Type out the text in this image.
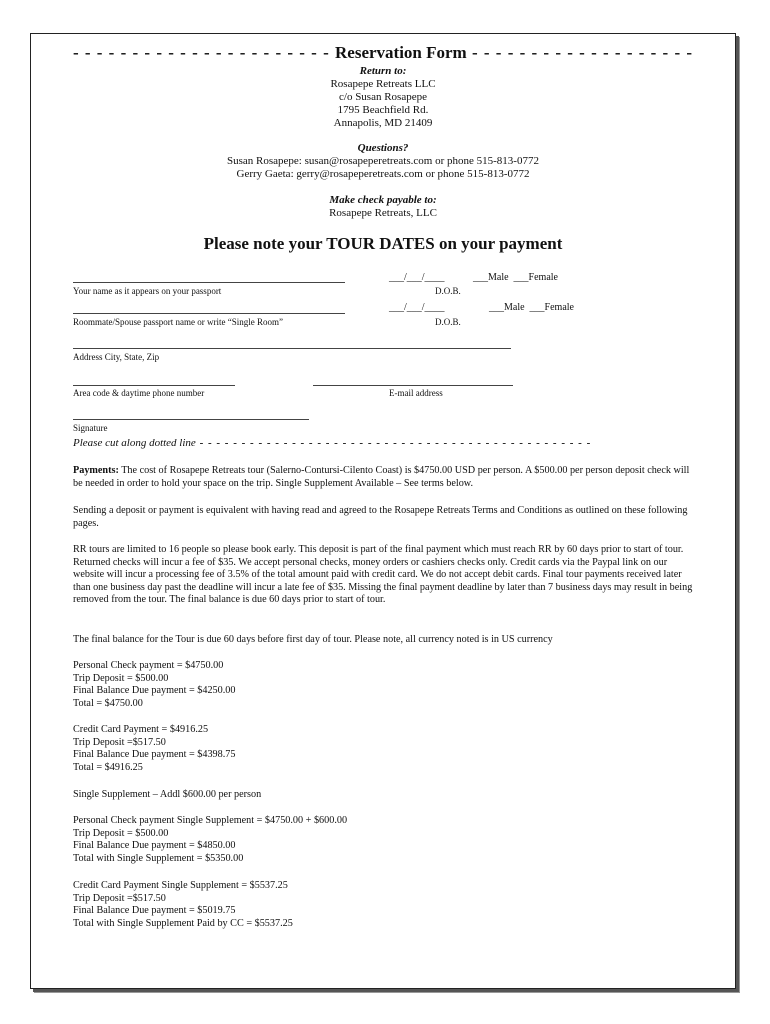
- - - - - - - - - - - - - - - - - - - - - - Reservation Form - - - - - - - - - - - - - - - - - - -
Return to:
Rosapepe Retreats LLC
c/o Susan Rosapepe
1795 Beachfield Rd.
Annapolis, MD 21409
Questions?
Susan Rosapepe: susan@rosapeperetreats.com or phone 515-813-0772
Gerry Gaeta: gerry@rosapeperetreats.com or phone 515-813-0772
Make check payable to:
Rosapepe Retreats, LLC
Please note your TOUR DATES on your payment
Your name as it appears on your passport
___/___/____
D.O.B.
___Male  ___Female
Roommate/Spouse passport name or write “Single Room”
___/___/____
D.O.B.
___Male  ___Female
Address City, State, Zip
Area code & daytime phone number	E-mail address
Signature
Please cut along dotted line - - - - - - - - - - - - - - - - - - - - - - - - - - - - - - - - - - - - - - - - - - - - - - -
Payments: The cost of Rosapepe Retreats tour (Salerno-Contursi-Cilento Coast) is $4750.00 USD per person. A $500.00 per person deposit check will be needed in order to hold your space on the trip. Single Supplement Available – See terms below.
Sending a deposit or payment is equivalent with having read and agreed to the Rosapepe Retreats Terms and Conditions as outlined on these following pages.
RR tours are limited to 16 people so please book early. This deposit is part of the final payment which must reach RR by 60 days prior to start of tour. Returned checks will incur a fee of $35. We accept personal checks, money orders or cashiers checks only. Credit cards via the Paypal link on our website will incur a processing fee of 3.5% of the total amount paid with credit card. We do not accept debit cards. Final tour payments received later than one business day past the deadline will incur a late fee of $35. Missing the final payment deadline by later than 7 business days may result in being removed from the tour. The final balance is due 60 days prior to start of tour.
The final balance for the Tour is due 60 days before first day of tour. Please note, all currency noted is in US currency
Personal Check payment = $4750.00
Trip Deposit = $500.00
Final Balance Due payment = $4250.00
Total = $4750.00
Credit Card Payment = $4916.25
Trip Deposit =$517.50
Final Balance Due payment = $4398.75
Total = $4916.25
Single Supplement – Addl $600.00 per person
Personal Check payment Single Supplement = $4750.00 + $600.00
Trip Deposit = $500.00
Final Balance Due payment = $4850.00
Total with Single Supplement = $5350.00
Credit Card Payment Single Supplement = $5537.25
Trip Deposit =$517.50
Final Balance Due payment = $5019.75
Total with Single Supplement Paid by CC = $5537.25
